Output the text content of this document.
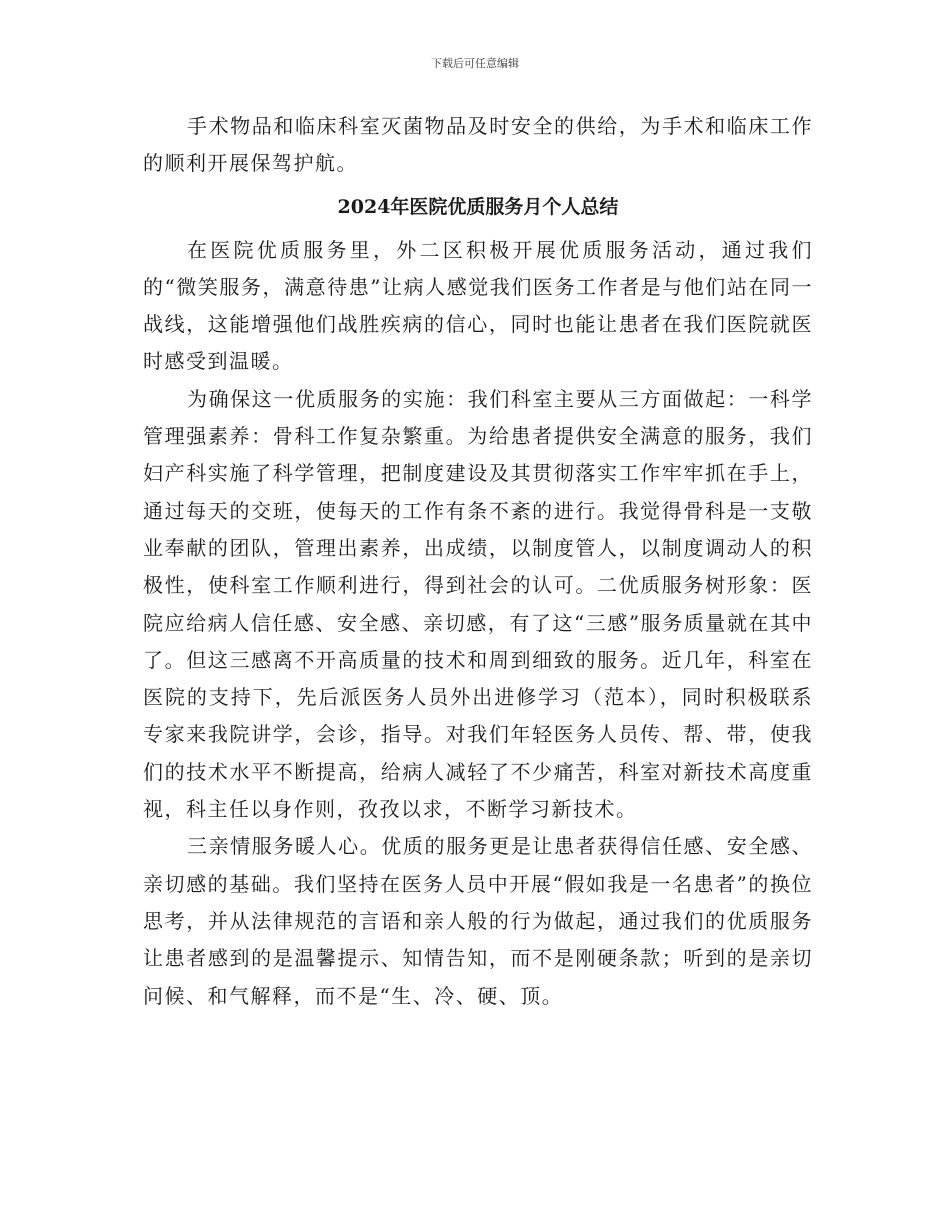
下载后可任意编辑

手术物品和临床科室灭菌物品及时安全的供给，为手术和临床工作的顺利开展保驾护航。

2024年医院优质服务月个人总结

在医院优质服务里，外二区积极开展优质服务活动，通过我们的“微笑服务，满意待患”让病人感觉我们医务工作者是与他们站在同一战线，这能增强他们战胜疾病的信心，同时也能让患者在我们医院就医时感受到温暖。

为确保这一优质服务的实施：我们科室主要从三方面做起：一科学管理强素养：骨科工作复杂繁重。为给患者提供安全满意的服务，我们妇产科实施了科学管理，把制度建设及其贯彻落实工作牢牢抓在手上，通过每天的交班，使每天的工作有条不紊的进行。我觉得骨科是一支敬业奉献的团队，管理出素养，出成绩，以制度管人，以制度调动人的积极性，使科室工作顺利进行，得到社会的认可。二优质服务树形象：医院应给病人信任感、安全感、亲切感，有了这“三感”服务质量就在其中了。但这三感离不开高质量的技术和周到细致的服务。近几年，科室在医院的支持下，先后派医务人员外出进修学习（范本），同时积极联系专家来我院讲学，会诊，指导。对我们年轻医务人员传、帮、带，使我们的技术水平不断提高，给病人减轻了不少痛苦，科室对新技术高度重视，科主任以身作则，孜孜以求，不断学习新技术。

三亲情服务暖人心。优质的服务更是让患者获得信任感、安全感、亲切感的基础。我们坚持在医务人员中开展“假如我是一名患者”的换位思考，并从法律规范的言语和亲人般的行为做起，通过我们的优质服务让患者感到的是温馨提示、知情告知，而不是刚硬条款；听到的是亲切问候、和气解释，而不是“生、冷、硬、顶。
